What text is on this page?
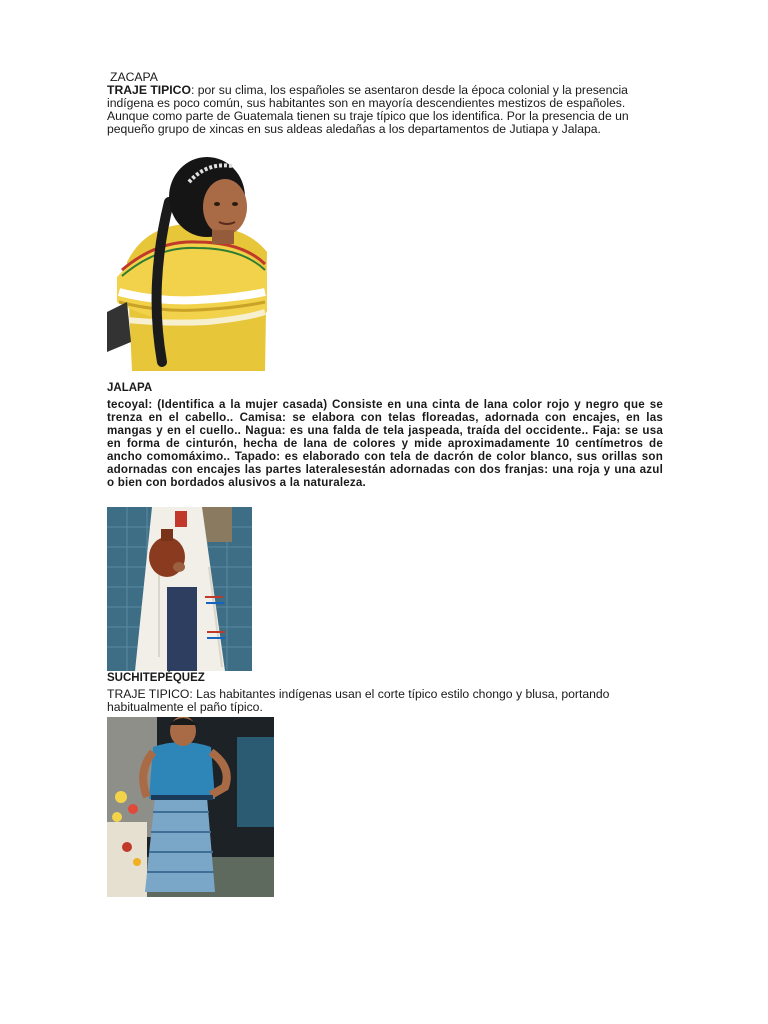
ZACAPA
TRAJE TIPICO: por su clima, los españoles se asentaron desde la época colonial y la presencia indígena es poco común, sus habitantes son en mayoría descendientes mestizos de españoles. Aunque como parte de Guatemala tienen su traje típico que los identifica. Por la presencia de un pequeño grupo de xincas en sus aldeas aledañas a los departamentos de Jutiapa y Jalapa.
JALAPA
tecoyal: (Identifica a la mujer casada) Consiste en una cinta de lana color rojo y negro que se trenza en el cabello.. Camisa: se elabora con telas floreadas, adornada con encajes, en las mangas y en el cuello.. Nagua: es una falda de tela jaspeada, traída del occidente.. Faja: se usa en forma de cinturón, hecha de lana de colores y mide aproximadamente 10 centímetros de ancho comomáximo.. Tapado: es elaborado con tela de dacrón de color blanco, sus orillas son adornadas con encajes las partes lateralesestán adornadas con dos franjas: una roja y una azul o bien con bordados alusivos a la naturaleza.
SUCHITEPÉQUEZ
TRAJE TIPICO: Las habitantes indígenas usan el corte típico estilo chongo y blusa, portando habitualmente el paño típico.
